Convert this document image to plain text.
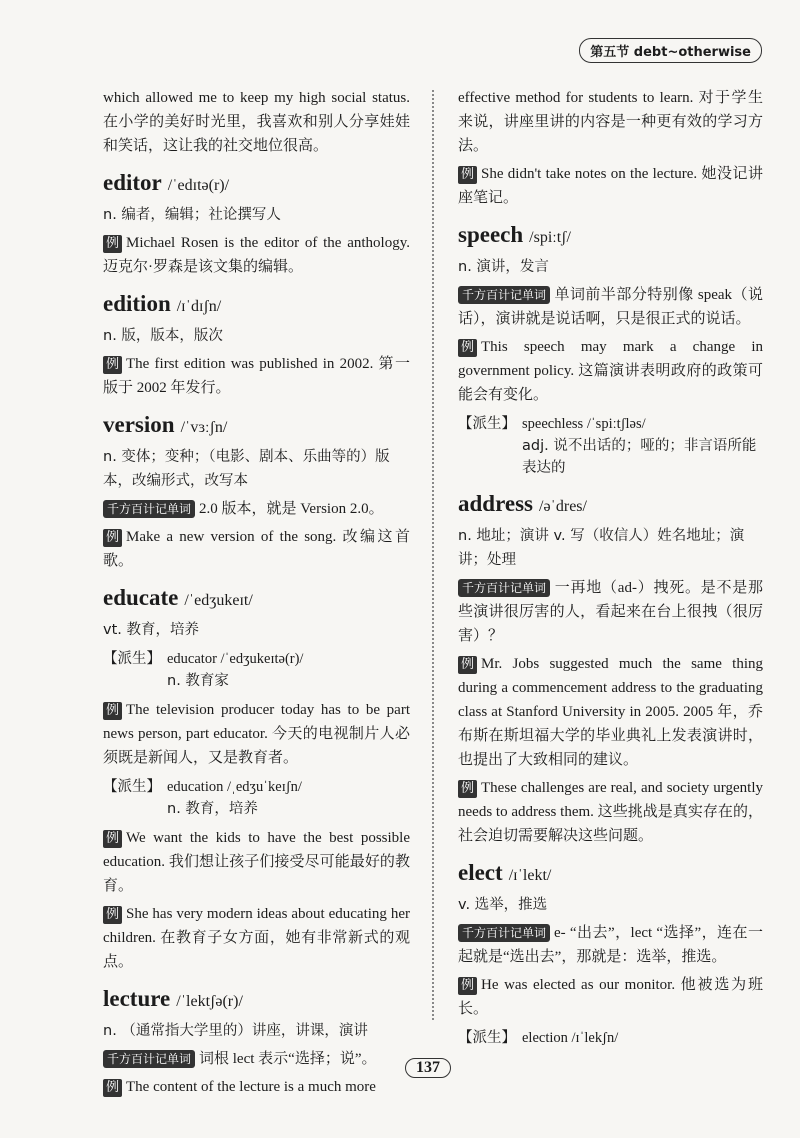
第五节 debt~otherwise

which allowed me to keep my high social status. 在小学的美好时光里，我喜欢和别人分享娃娃和笑话，这让我的社交地位很高。

editor /ˈedɪtə(r)/

n. 编者，编辑；社论撰写人

例 Michael Rosen is the editor of the anthology. 迈克尔·罗森是该文集的编辑。

edition /ɪˈdɪʃn/

n. 版，版本，版次

例 The first edition was published in 2002. 第一版于 2002 年发行。

version /ˈvɜːʃn/

n. 变体；变种；（电影、剧本、乐曲等的）版本，改编形式，改写本

千方百计记单词 2.0 版本，就是 Version 2.0。

例 Make a new version of the song. 改编这首歌。

educate /ˈedʒukeɪt/

vt. 教育，培养

【派生】 educator /ˈedʒukeɪtə(r)/
n. 教育家

例 The television producer today has to be part news person, part educator. 今天的电视制片人必须既是新闻人，又是教育者。

【派生】 education /ˌedʒuˈkeɪʃn/
n. 教育，培养

例 We want the kids to have the best possible education. 我们想让孩子们接受尽可能最好的教育。

例 She has very modern ideas about educating her children. 在教育子女方面，她有非常新式的观点。

lecture /ˈlektʃə(r)/

n. （通常指大学里的）讲座，讲课，演讲

千方百计记单词 词根 lect 表示“选择；说”。

例 The content of the lecture is a much more

effective method for students to learn. 对于学生来说，讲座里讲的内容是一种更有效的学习方法。

例 She didn't take notes on the lecture. 她没记讲座笔记。

speech /spiːtʃ/

n. 演讲，发言

千方百计记单词 单词前半部分特别像 speak（说话），演讲就是说话啊，只是很正式的说话。

例 This speech may mark a change in government policy. 这篇演讲表明政府的政策可能会有变化。

【派生】 speechless /ˈspiːtʃləs/
adj. 说不出话的；哑的；非言语所能表达的
address /əˈdres/

n. 地址；演讲 v. 写（收信人）姓名地址；演讲；处理

千方百计记单词 一再地（ad-）拽死。是不是那些演讲很厉害的人，看起来在台上很拽（很厉害）？

例 Mr. Jobs suggested much the same thing during a commencement address to the graduating class at Stanford University in 2005. 2005 年，乔布斯在斯坦福大学的毕业典礼上发表演讲时，也提出了大致相同的建议。

例 These challenges are real, and society urgently needs to address them. 这些挑战是真实存在的，社会迫切需要解决这些问题。

elect /ɪˈlekt/

v. 选举，推选

千方百计记单词 e- “出去”，lect “选择”，连在一起就是“选出去”，那就是：选举，推选。

例 He was elected as our monitor. 他被选为班长。

【派生】 election /ɪˈlekʃn/
137
